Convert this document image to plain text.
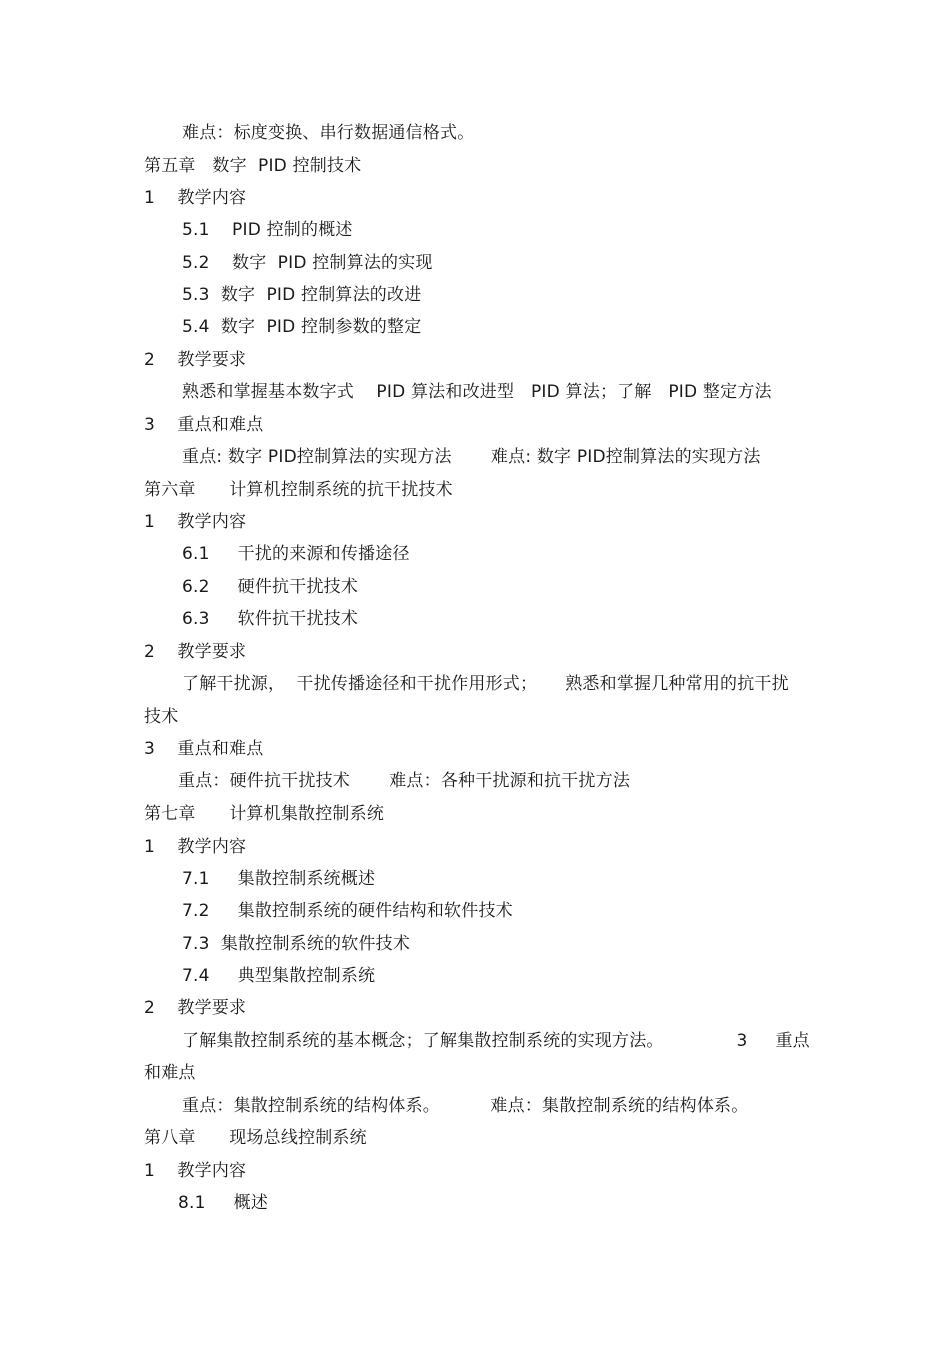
难点：标度变换、串行数据通信格式。
第五章   数字  PID 控制技术
1    教学内容
5.1    PID 控制的概述
5.2    数字  PID 控制算法的实现
5.3  数字  PID 控制算法的改进
5.4  数字  PID 控制参数的整定
2    教学要求
熟悉和掌握基本数字式    PID 算法和改进型   PID 算法；了解   PID 整定方法
3    重点和难点
重点: 数字 PID控制算法的实现方法       难点: 数字 PID控制算法的实现方法
第六章      计算机控制系统的抗干扰技术
1    教学内容
6.1     干扰的来源和传播途径
6.2     硬件抗干扰技术
6.3     软件抗干扰技术
2    教学要求
了解干扰源，  干扰传播途径和干扰作用形式；     熟悉和掌握几种常用的抗干扰
技术
3    重点和难点
重点：硬件抗干扰技术       难点：各种干扰源和抗干扰方法
第七章      计算机集散控制系统
1    教学内容
7.1     集散控制系统概述
7.2     集散控制系统的硬件结构和软件技术
7.3  集散控制系统的软件技术
7.4     典型集散控制系统
2    教学要求
了解集散控制系统的基本概念；了解集散控制系统的实现方法。             3     重点
和难点
重点：集散控制系统的结构体系。         难点：集散控制系统的结构体系。
第八章      现场总线控制系统
1    教学内容
8.1     概述
